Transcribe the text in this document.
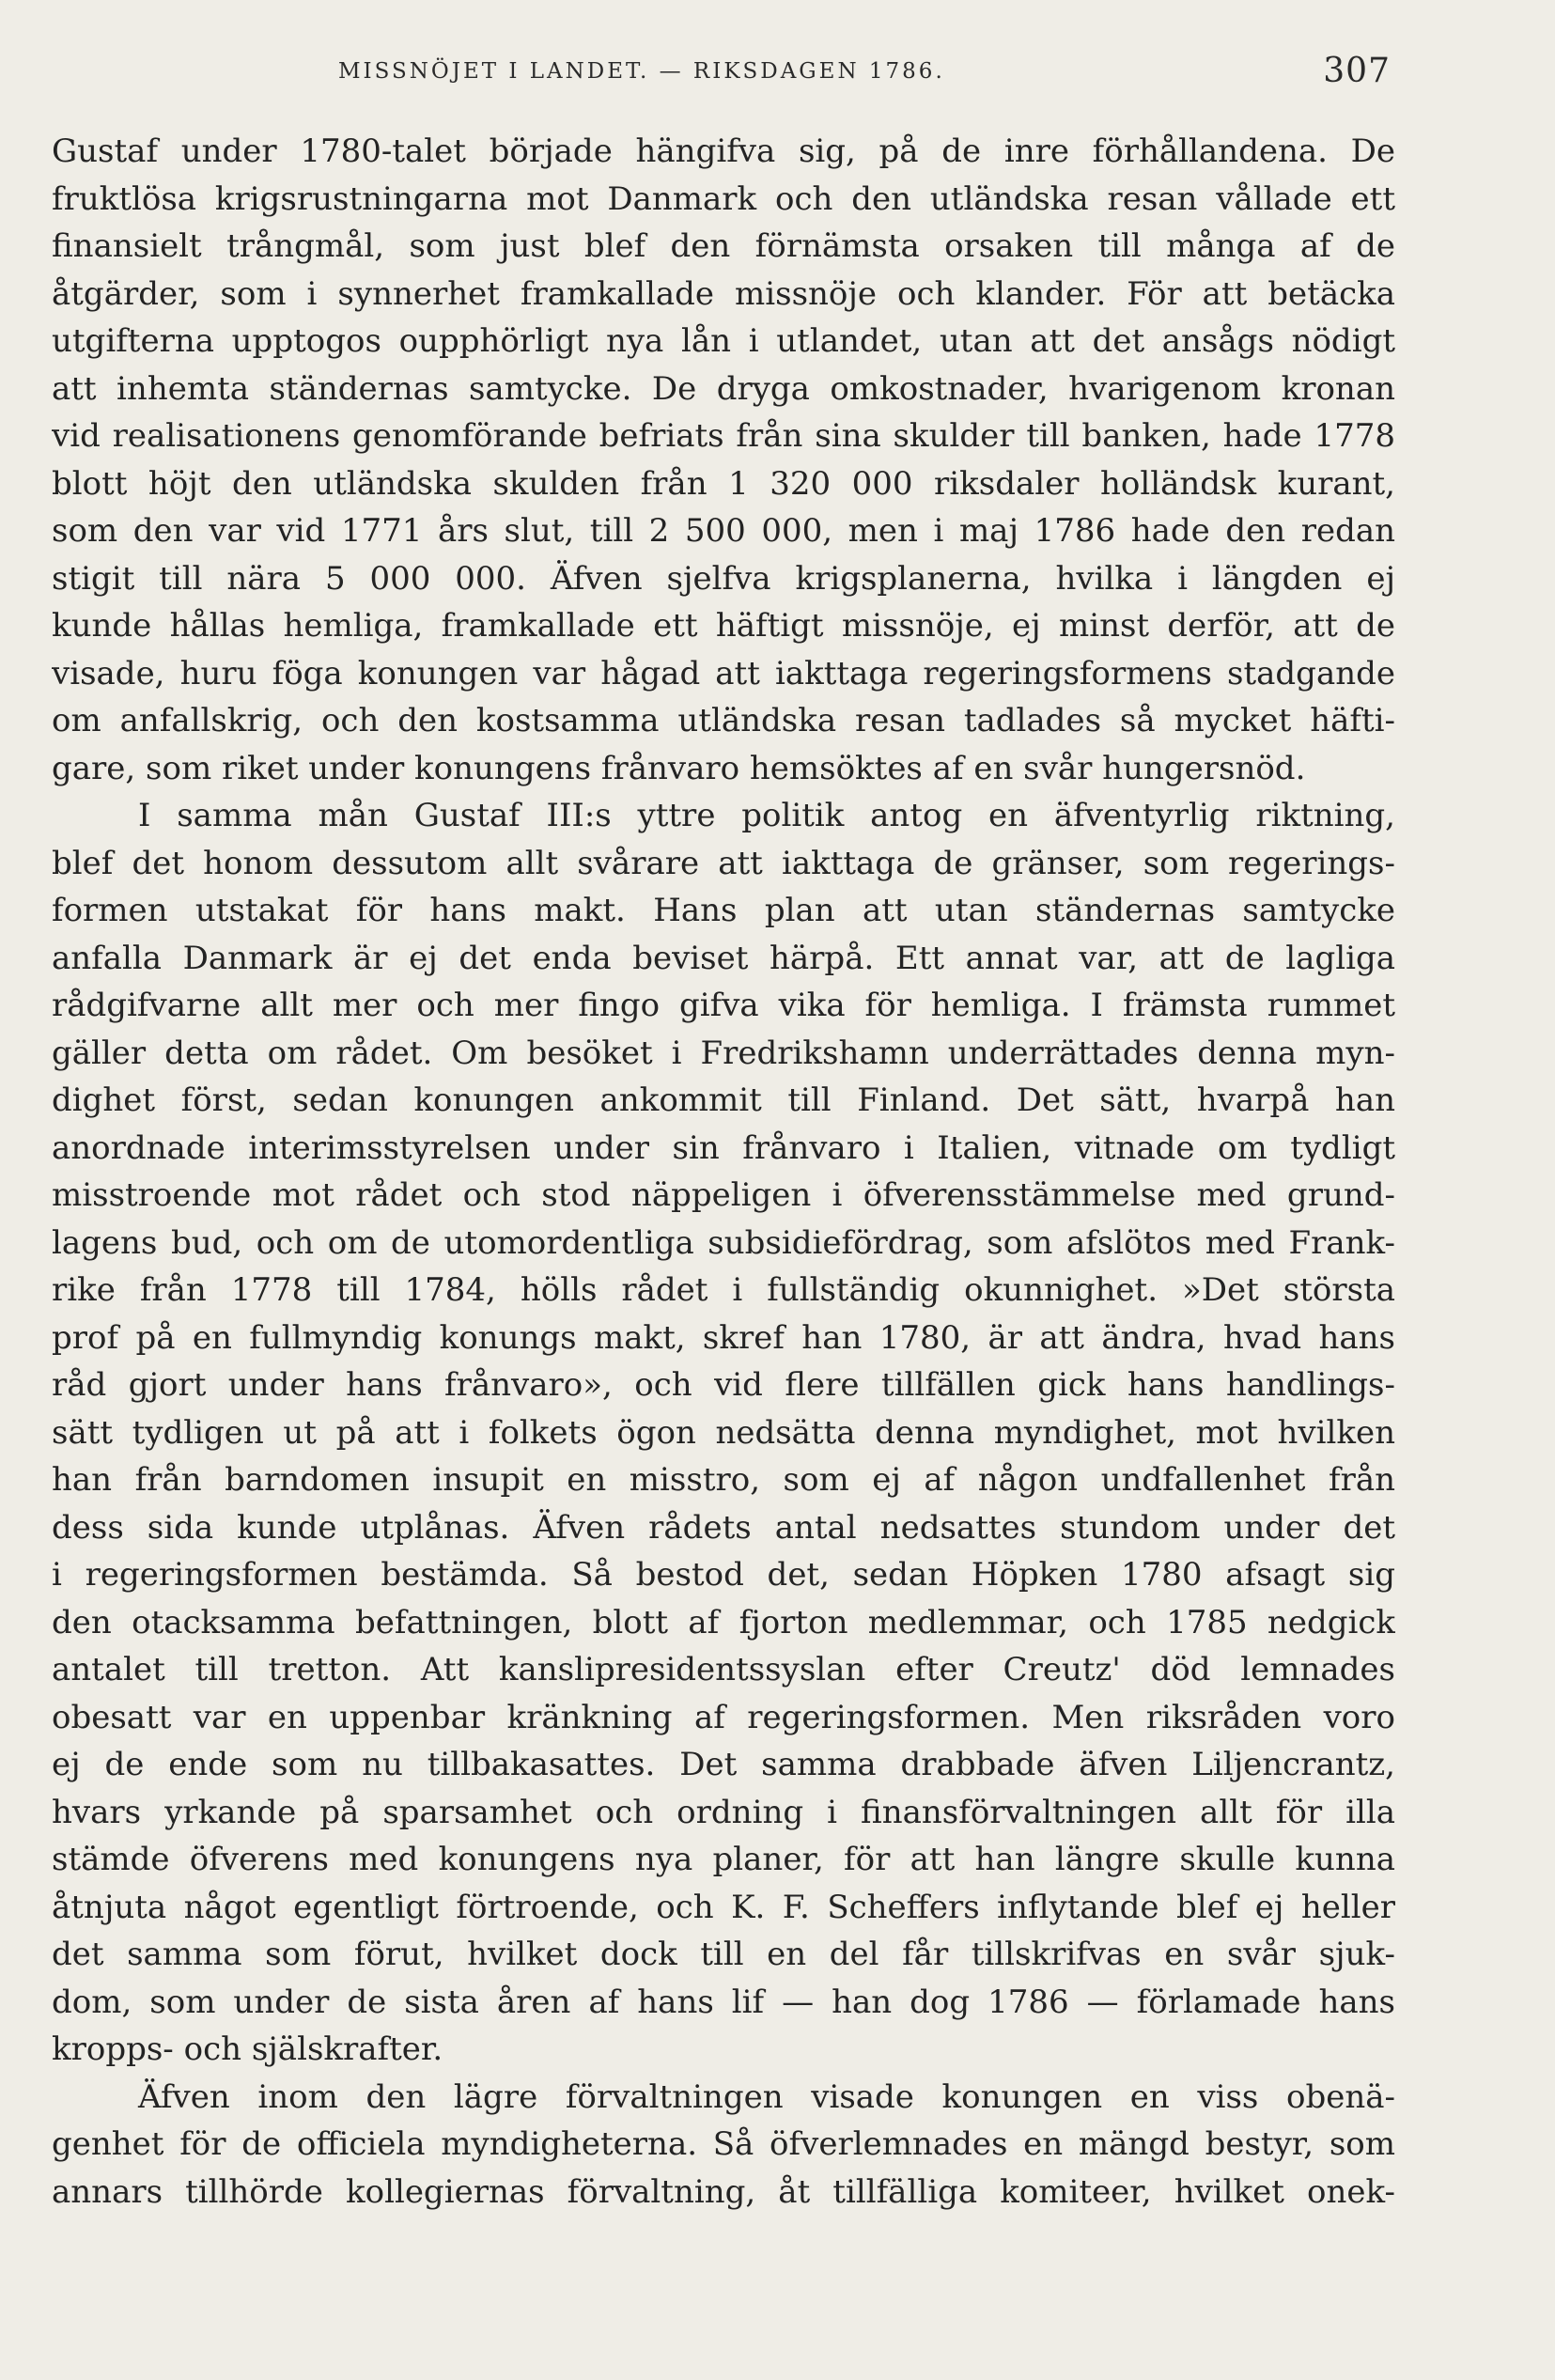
MISSNÖJET I LANDET. — RIKSDAGEN 1786.	307
Gustaf under 1780-talet började hängifva sig, på de inre förhållandena. De
fruktlösa krigsrustningarna mot Danmark och den utländska resan vållade ett
finansielt trångmål, som just blef den förnämsta orsaken till många af de
åtgärder, som i synnerhet framkallade missnöje och klander. För att betäcka
utgifterna upptogos oupphörligt nya lån i utlandet, utan att det ansågs nödigt
att inhemta ständernas samtycke. De dryga omkostnader, hvarigenom kronan
vid realisationens genomförande befriats från sina skulder till banken, hade 1778
blott höjt den utländska skulden från 1 320 000 riksdaler holländsk kurant,
som den var vid 1771 års slut, till 2 500 000, men i maj 1786 hade den redan
stigit till nära 5 000 000. Äfven sjelfva krigsplanerna, hvilka i längden ej
kunde hållas hemliga, framkallade ett häftigt missnöje, ej minst derför, att de
visade, huru föga konungen var hågad att iakttaga regeringsformens stadgande
om anfallskrig, och den kostsamma utländska resan tadlades så mycket häfti-
gare, som riket under konungens frånvaro hemsöktes af en svår hungersnöd.
I samma mån Gustaf III:s yttre politik antog en äfventyrlig riktning,
blef det honom dessutom allt svårare att iakttaga de gränser, som regerings-
formen utstakat för hans makt. Hans plan att utan ständernas samtycke
anfalla Danmark är ej det enda beviset härpå. Ett annat var, att de lagliga
rådgifvarne allt mer och mer fingo gifva vika för hemliga. I främsta rummet
gäller detta om rådet. Om besöket i Fredrikshamn underrättades denna myn-
dighet först, sedan konungen ankommit till Finland. Det sätt, hvarpå han
anordnade interimsstyrelsen under sin frånvaro i Italien, vitnade om tydligt
misstroende mot rådet och stod näppeligen i öfverensstämmelse med grund-
lagens bud, och om de utomordentliga subsidiefördrag, som afslötos med Frank-
rike från 1778 till 1784, hölls rådet i fullständig okunnighet. »Det största
prof på en fullmyndig konungs makt, skref han 1780, är att ändra, hvad hans
råd gjort under hans frånvaro», och vid flere tillfällen gick hans handlings-
sätt tydligen ut på att i folkets ögon nedsätta denna myndighet, mot hvilken
han från barndomen insupit en misstro, som ej af någon undfallenhet från
dess sida kunde utplånas. Äfven rådets antal nedsattes stundom under det
i regeringsformen bestämda. Så bestod det, sedan Höpken 1780 afsagt sig
den otacksamma befattningen, blott af fjorton medlemmar, och 1785 nedgick
antalet till tretton. Att kanslipresidentssyslan efter Creutz' död lemnades
obesatt var en uppenbar kränkning af regeringsformen. Men riksråden voro
ej de ende som nu tillbakasattes. Det samma drabbade äfven Liljencrantz,
hvars yrkande på sparsamhet och ordning i finansförvaltningen allt för illa
stämde öfverens med konungens nya planer, för att han längre skulle kunna
åtnjuta något egentligt förtroende, och K. F. Scheffers inflytande blef ej heller
det samma som förut, hvilket dock till en del får tillskrifvas en svår sjuk-
dom, som under de sista åren af hans lif — han dog 1786 — förlamade hans
kropps- och själskrafter.
Äfven inom den lägre förvaltningen visade konungen en viss obenä-
genhet för de officiela myndigheterna. Så öfverlemnades en mängd bestyr, som
annars tillhörde kollegiernas förvaltning, åt tillfälliga komiteer, hvilket onek-
